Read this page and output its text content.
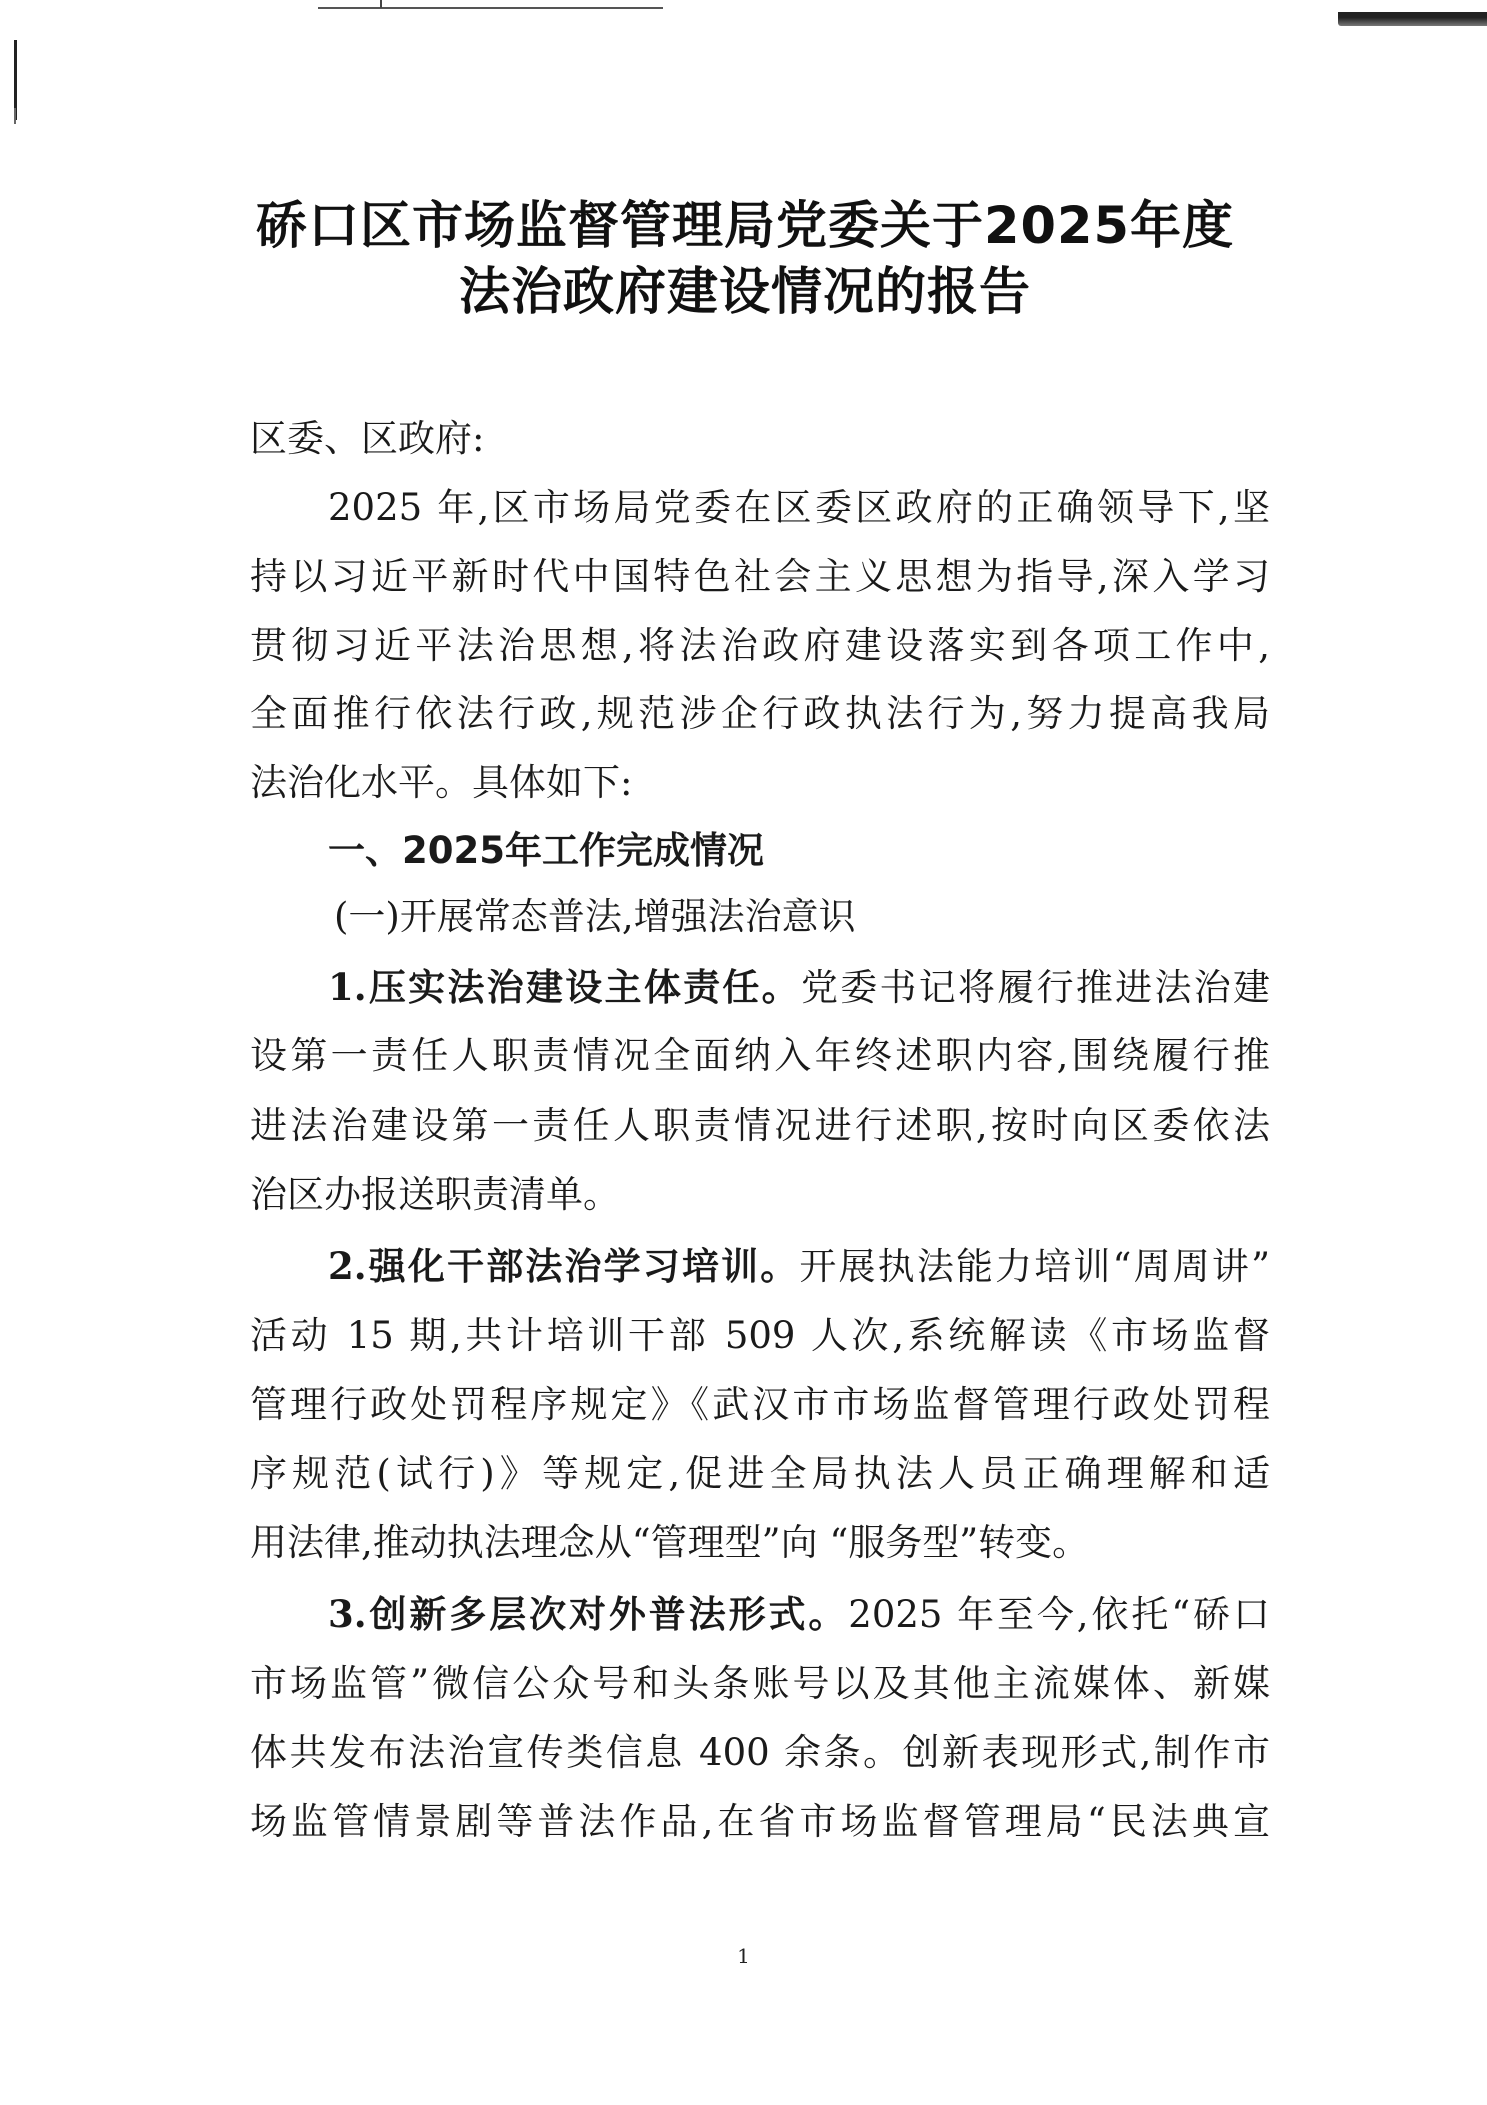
硚口区市场监督管理局党委关于2025年度
法治政府建设情况的报告
区委、区政府:
2025 年,区市场局党委在区委区政府的正确领导下,坚
持以习近平新时代中国特色社会主义思想为指导,深入学习
贯彻习近平法治思想,将法治政府建设落实到各项工作中,
全面推行依法行政,规范涉企行政执法行为,努力提高我局
法治化水平。具体如下:
一、2025年工作完成情况
(一)开展常态普法,增强法治意识
1.压实法治建设主体责任。党委书记将履行推进法治建
设第一责任人职责情况全面纳入年终述职内容,围绕履行推
进法治建设第一责任人职责情况进行述职,按时向区委依法
治区办报送职责清单。
2.强化干部法治学习培训。开展执法能力培训“周周讲”
活动 15 期,共计培训干部 509 人次,系统解读《市场监督
管理行政处罚程序规定》《武汉市市场监督管理行政处罚程
序规范(试行)》等规定,促进全局执法人员正确理解和适
用法律,推动执法理念从“管理型”向 “服务型”转变。
3.创新多层次对外普法形式。2025 年至今,依托“硚口
市场监管”微信公众号和头条账号以及其他主流媒体、新媒
体共发布法治宣传类信息 400 余条。创新表现形式,制作市
场监管情景剧等普法作品,在省市场监督管理局“民法典宣
1
